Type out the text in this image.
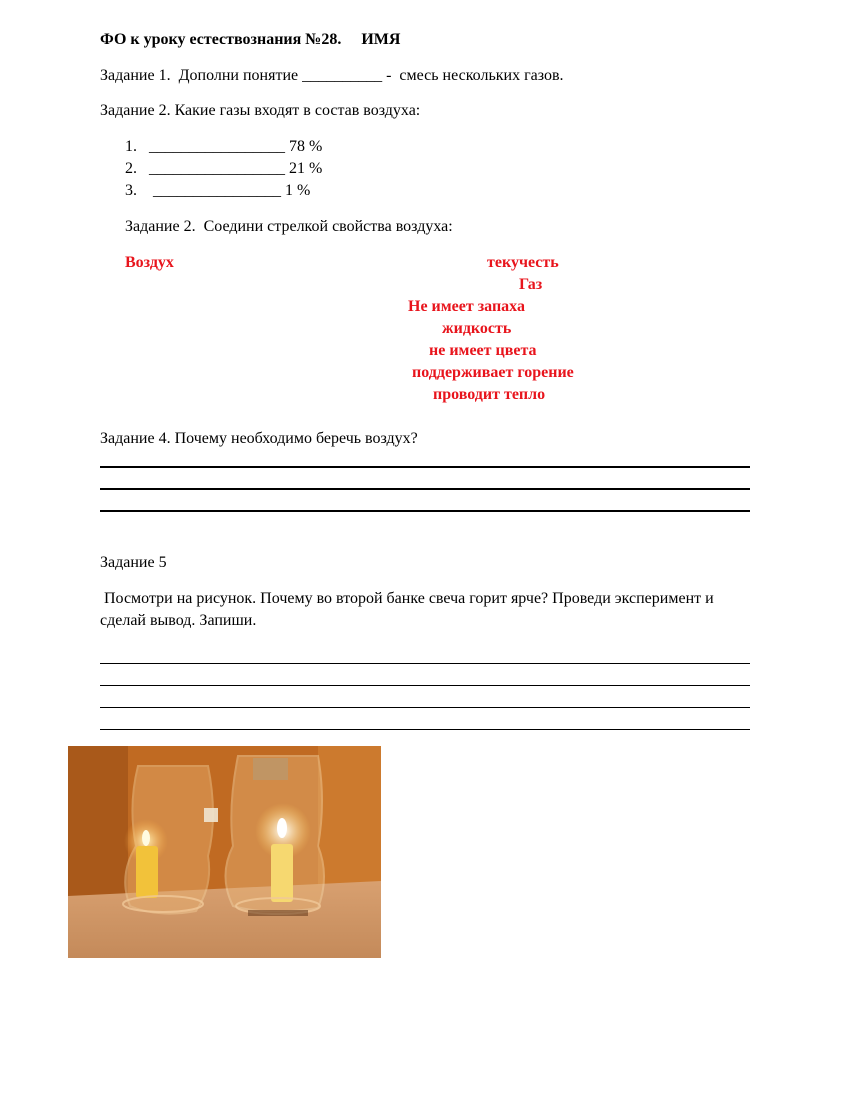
ФО к уроку естествознания №28. ИМЯ
Задание 1.  Дополни понятие __________ -  смесь нескольких газов.
Задание 2. Какие газы входят в состав воздуха:
1. _________________ 78 %
2. _________________ 21 %
3.    ________________ 1 %
Задание 2.  Соедини стрелкой свойства воздуха:
Воздух	текучесть
Газ
Не имеет запаха
жидкость
не имеет цвета
поддерживает горение
проводит тепло
Задание 4. Почему необходимо беречь воздух?
Задание 5
Посмотри на рисунок. Почему во второй банке свеча горит ярче? Проведи эксперимент и
сделай вывод. Запиши.
